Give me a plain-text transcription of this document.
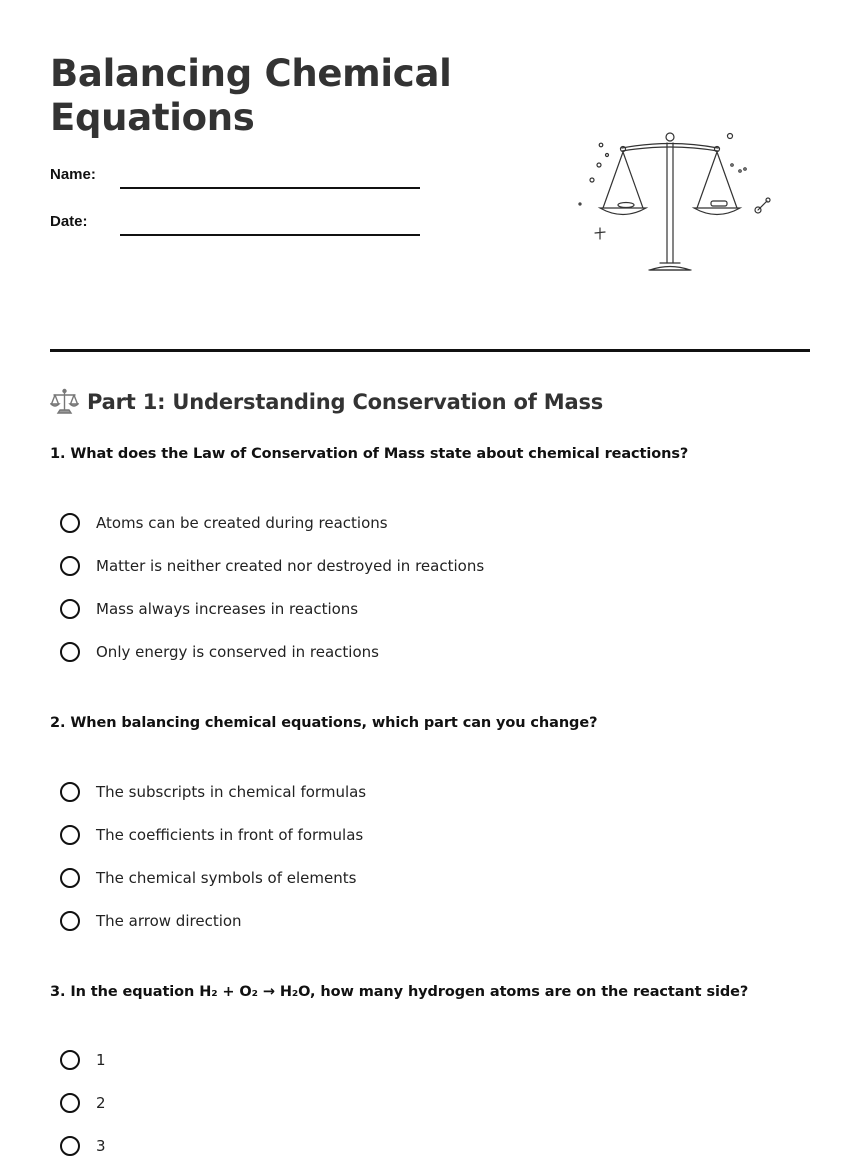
Balancing Chemical Equations
Name:
Date:
Part 1: Understanding Conservation of Mass

1. What does the Law of Conservation of Mass state about chemical reactions?

Atoms can be created during reactions
Matter is neither created nor destroyed in reactions
Mass always increases in reactions
Only energy is conserved in reactions

2. When balancing chemical equations, which part can you change?

The subscripts in chemical formulas
The coefficients in front of formulas
The chemical symbols of elements
The arrow direction

3. In the equation H₂ + O₂ → H₂O, how many hydrogen atoms are on the reactant side?

1
2
3
